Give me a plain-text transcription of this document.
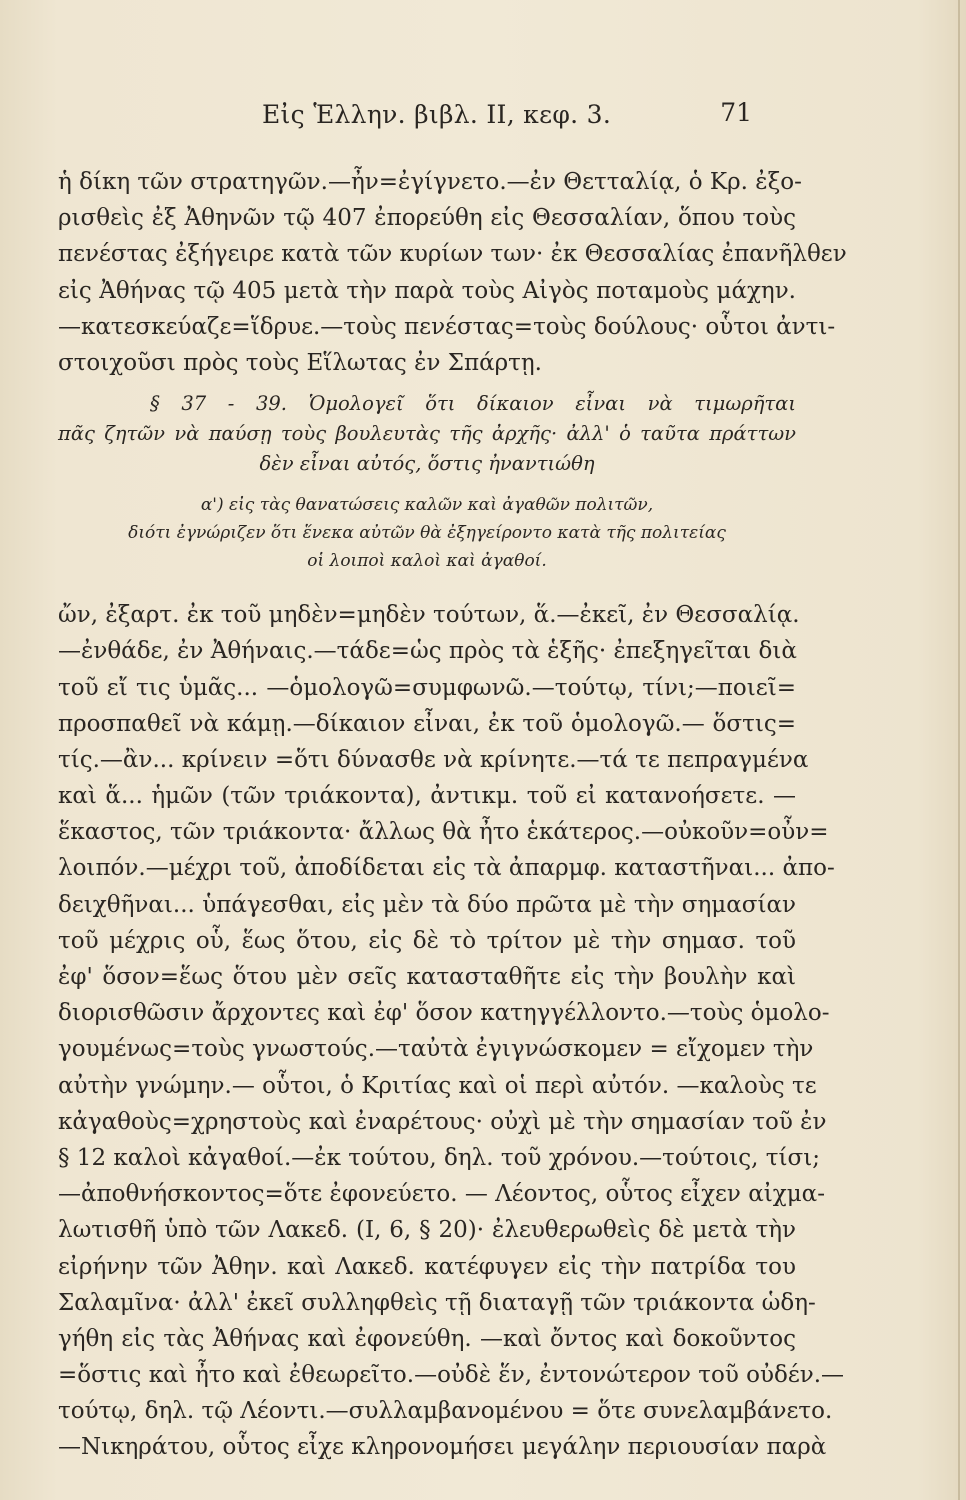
Εἰς Ἑλλην. βιβλ. II, κεφ. 3.	71
ἡ δίκη τῶν στρατηγῶν.—ἦν=ἐγίγνετο.—ἐν Θετταλίᾳ, ὁ Κρ. ἐξο-
ρισθεὶς ἐξ Ἀθηνῶν τῷ 407 ἐπορεύθη εἰς Θεσσαλίαν, ὅπου τοὺς
πενέστας ἐξήγειρε κατὰ τῶν κυρίων των· ἐκ Θεσσαλίας ἐπανῆλθεν
εἰς Ἀθήνας τῷ 405 μετὰ τὴν παρὰ τοὺς Αἰγὸς ποταμοὺς μάχην.
—κατεσκεύαζε=ἵδρυε.—τοὺς πενέστας=τοὺς δούλους· οὗτοι ἀντι-
στοιχοῦσι πρὸς τοὺς Εἵλωτας ἐν Σπάρτῃ.
§ 37 - 39. Ὁμολογεῖ ὅτι δίκαιον εἶναι νὰ τιμωρῆται
πᾶς ζητῶν νὰ παύσῃ τοὺς βουλευτὰς τῆς ἀρχῆς· ἀλλ' ὁ ταῦτα πράττων
δὲν εἶναι αὐτός, ὅστις ἠναντιώθη
α') εἰς τὰς θανατώσεις καλῶν καὶ ἀγαθῶν πολιτῶν,
διότι ἐγνώριζεν ὅτι ἕνεκα αὐτῶν θὰ ἐξηγείροντο κατὰ τῆς πολιτείας
οἱ λοιποὶ καλοὶ καὶ ἀγαθοί.
ὤν, ἐξαρτ. ἐκ τοῦ μηδὲν=μηδὲν τούτων, ἅ.—ἐκεῖ, ἐν Θεσσαλίᾳ.
—ἐνθάδε, ἐν Ἀθήναις.—τάδε=ὡς πρὸς τὰ ἑξῆς· ἐπεξηγεῖται διὰ
τοῦ εἴ τις ὑμᾶς... —ὁμολογῶ=συμφωνῶ.—τούτῳ, τίνι;—ποιεῖ=
προσπαθεῖ νὰ κάμῃ.—δίκαιον εἶναι, ἐκ τοῦ ὁμολογῶ.— ὅστις=
τίς.—ἂν... κρίνειν =ὅτι δύνασθε νὰ κρίνητε.—τά τε πεπραγμένα
καὶ ἅ... ἡμῶν (τῶν τριάκοντα), ἀντικμ. τοῦ εἰ κατανοήσετε. —
ἕκαστος, τῶν τριάκοντα· ἄλλως θὰ ἦτο ἑκάτερος.—οὐκοῦν=οὖν=
λοιπόν.—μέχρι τοῦ, ἀποδίδεται εἰς τὰ ἀπαρμφ. καταστῆναι... ἀπο-
δειχθῆναι... ὑπάγεσθαι, εἰς μὲν τὰ δύο πρῶτα μὲ τὴν σημασίαν
τοῦ μέχρις οὗ, ἕως ὅτου, εἰς δὲ τὸ τρίτον μὲ τὴν σημασ. τοῦ
ἐφ' ὅσον=ἕως ὅτου μὲν σεῖς κατασταθῆτε εἰς τὴν βουλὴν καὶ
διορισθῶσιν ἄρχοντες καὶ ἐφ' ὅσον κατηγγέλλοντο.—τοὺς ὁμολο-
γουμένως=τοὺς γνωστούς.—ταὐτὰ ἐγιγνώσκομεν = εἴχομεν τὴν
αὐτὴν γνώμην.— οὗτοι, ὁ Κριτίας καὶ οἱ περὶ αὐτόν. —καλοὺς τε
κἀγαθοὺς=χρηστοὺς καὶ ἐναρέτους· οὐχὶ μὲ τὴν σημασίαν τοῦ ἐν
§ 12 καλοὶ κἀγαθοί.—ἐκ τούτου, δηλ. τοῦ χρόνου.—τούτοις, τίσι;
—ἀποθνήσκοντος=ὅτε ἐφονεύετο. — Λέοντος, οὗτος εἶχεν αἰχμα-
λωτισθῆ ὑπὸ τῶν Λακεδ. (I, 6, § 20)· ἐλευθερωθεὶς δὲ μετὰ τὴν
εἰρήνην τῶν Ἀθην. καὶ Λακεδ. κατέφυγεν εἰς τὴν πατρίδα του
Σαλαμῖνα· ἀλλ' ἐκεῖ συλληφθεὶς τῇ διαταγῇ τῶν τριάκοντα ὡδη-
γήθη εἰς τὰς Ἀθήνας καὶ ἐφονεύθη. —καὶ ὄντος καὶ δοκοῦντος
=ὅστις καὶ ἦτο καὶ ἐθεωρεῖτο.—οὐδὲ ἕν, ἐντονώτερον τοῦ οὐδέν.—
τούτῳ, δηλ. τῷ Λέοντι.—συλλαμβανομένου = ὅτε συνελαμβάνετο.
—Νικηράτου, οὗτος εἶχε κληρονομήσει μεγάλην περιουσίαν παρὰ
